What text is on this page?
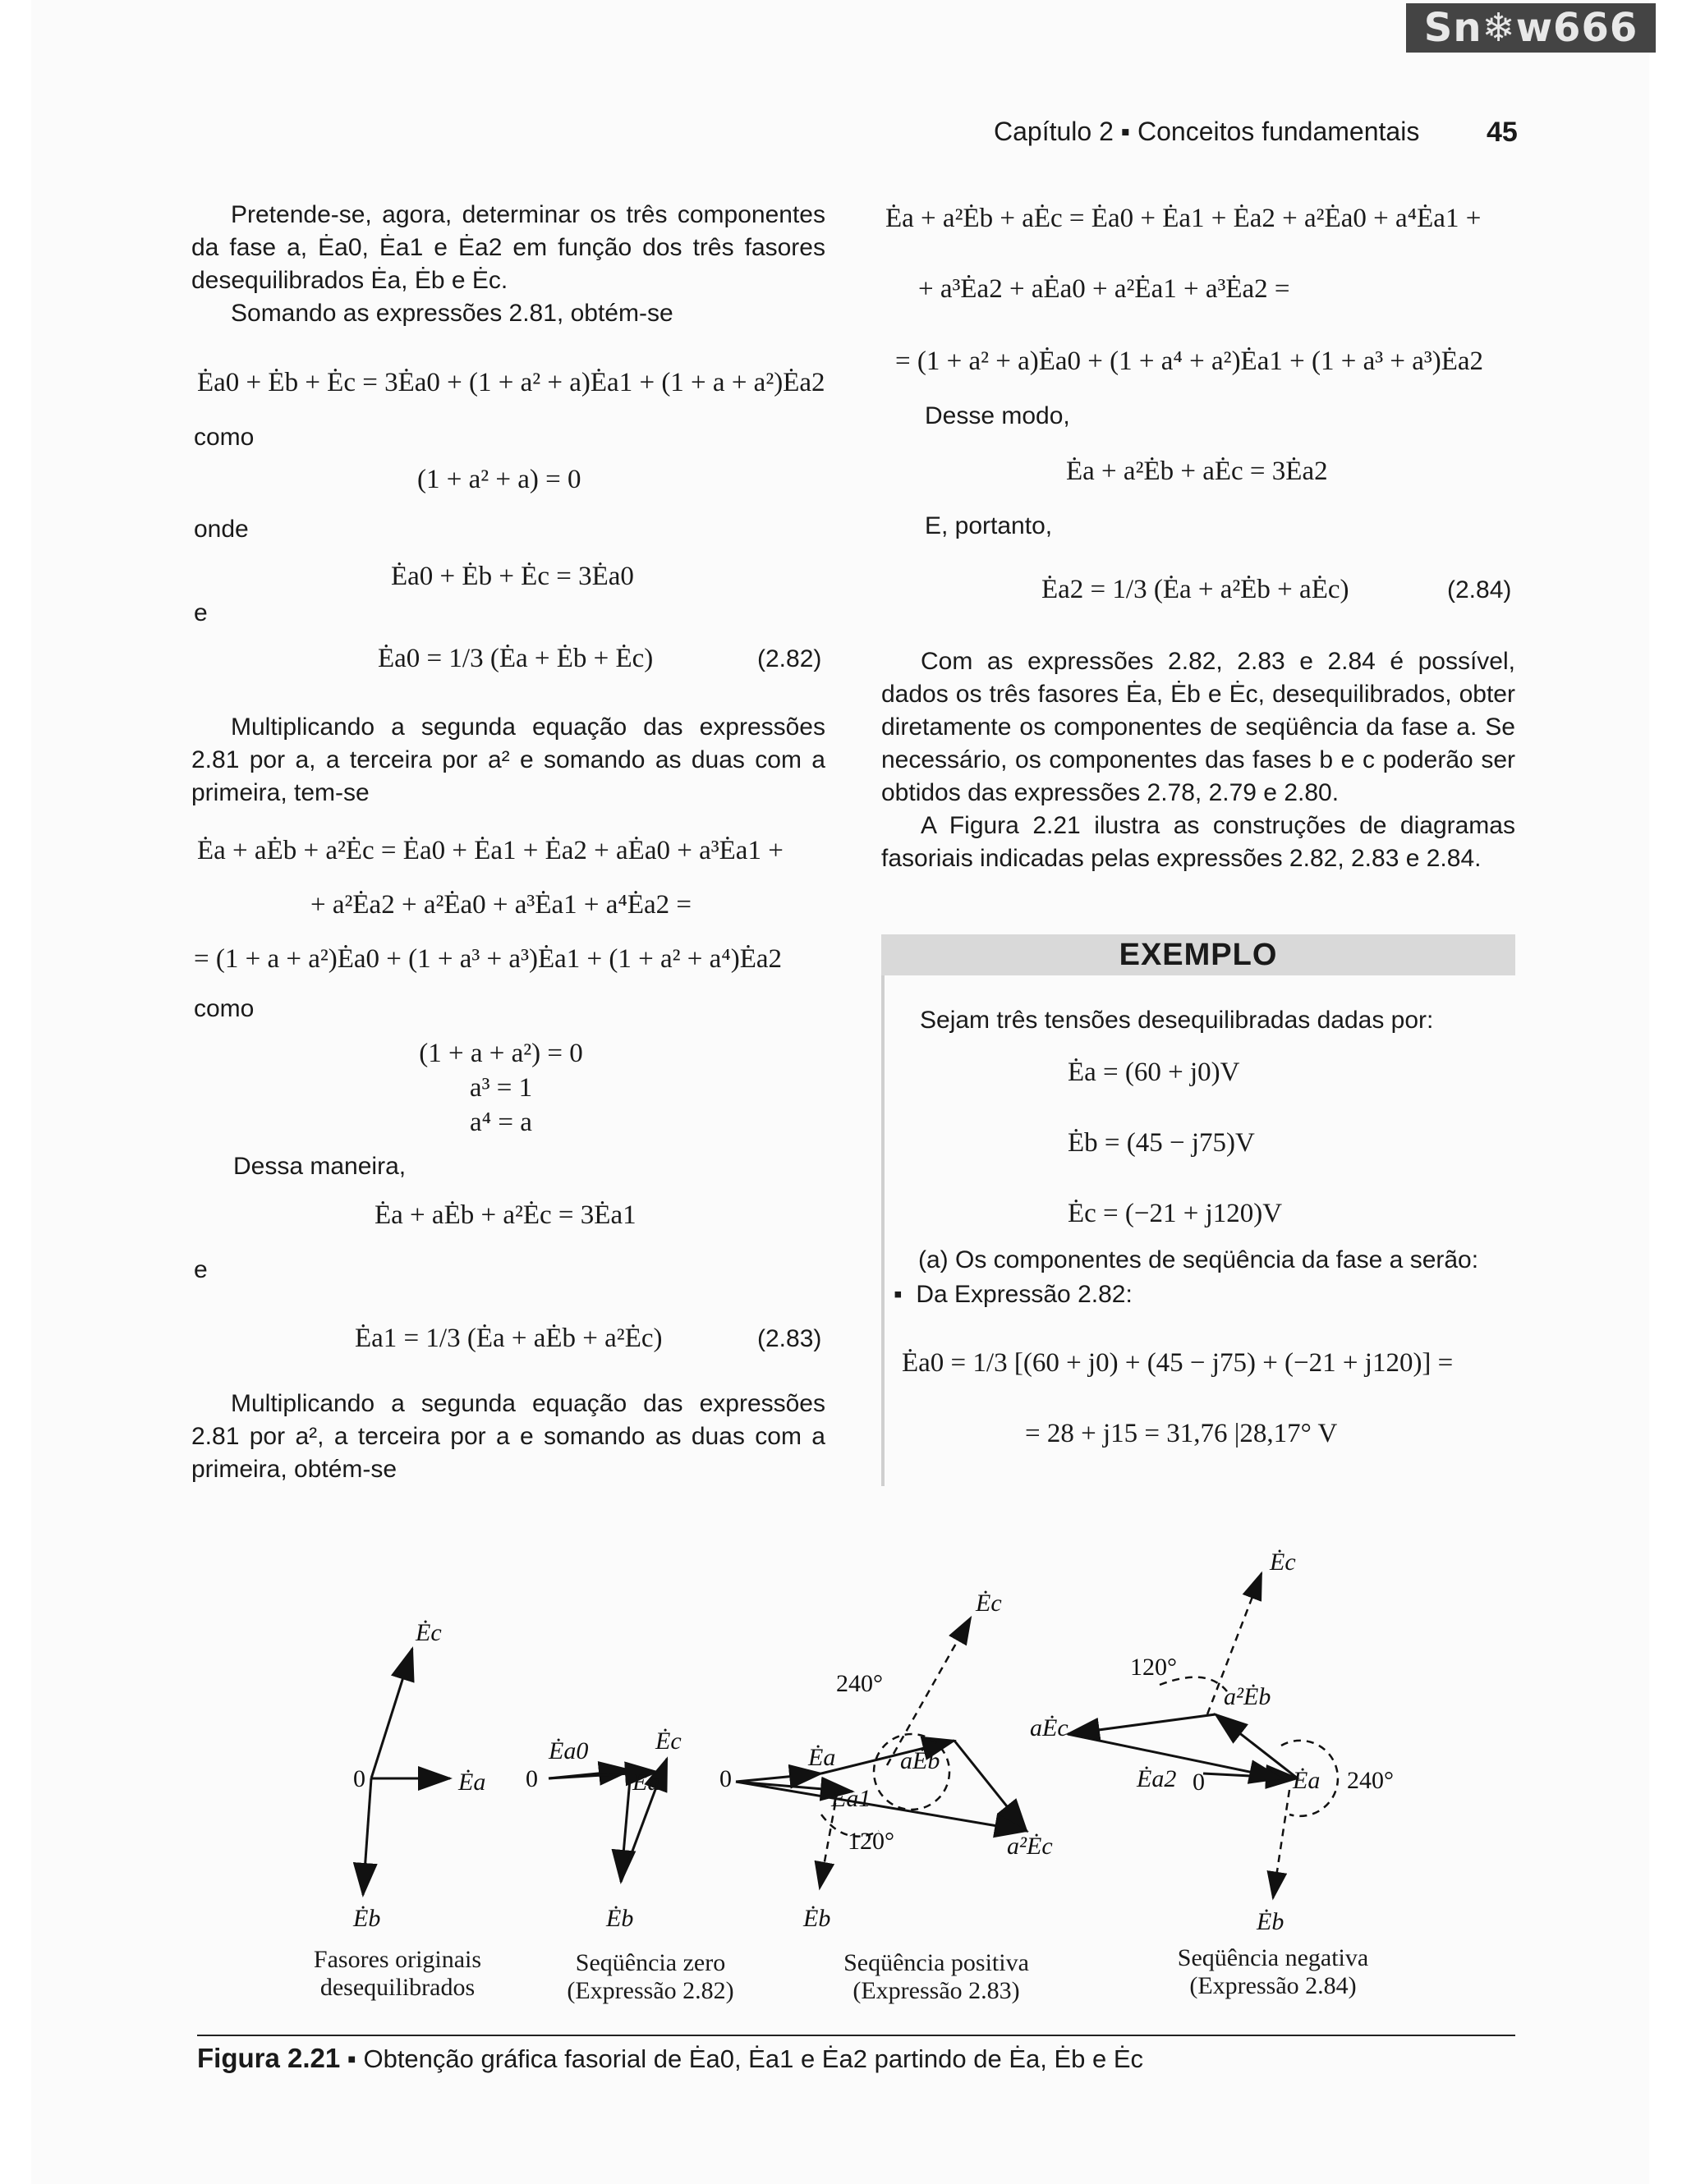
Sn❄w666
Capítulo 2 ▪ Conceitos fundamentais 45

Pretende-se, agora, determinar os três componentes da fase a, Ėa0, Ėa1 e Ėa2 em função dos três fasores desequilibrados Ėa, Ėb e Ėc.

Somando as expressões 2.81, obtém-se

Ėa0 + Ėb + Ėc = 3Ėa0 + (1 + a² + a)Ėa1 + (1 + a + a²)Ėa2
como
(1 + a² + a) = 0
onde
Ėa0 + Ėb + Ėc = 3Ėa0
e
Ėa0 = 1/3 (Ėa + Ėb + Ėc)	(2.82)

Multiplicando a segunda equação das expressões 2.81 por a, a terceira por a² e somando as duas com a primeira, tem-se

Ėa + aĖb + a²Ėc = Ėa0 + Ėa1 + Ėa2 + aĖa0 + a³Ėa1 +
+ a²Ėa2 + a²Ėa0 + a³Ėa1 + a⁴Ėa2 =
= (1 + a + a²)Ėa0 + (1 + a³ + a³)Ėa1 + (1 + a² + a⁴)Ėa2
como
(1 + a + a²) = 0
a³ = 1
a⁴ = a
Dessa maneira,
Ėa + aĖb + a²Ėc = 3Ėa1
e
Ėa1 = 1/3 (Ėa + aĖb + a²Ėc)	(2.83)

Multiplicando a segunda equação das expressões 2.81 por a², a terceira por a e somando as duas com a primeira, obtém-se

Ėa + a²Ėb + aĖc = Ėa0 + Ėa1 + Ėa2 + a²Ėa0 + a⁴Ėa1 +
+ a³Ėa2 + aĖa0 + a²Ėa1 + a³Ėa2 =
= (1 + a² + a)Ėa0 + (1 + a⁴ + a²)Ėa1 + (1 + a³ + a³)Ėa2
Desse modo,
Ėa + a²Ėb + aĖc = 3Ėa2
E, portanto,
Ėa2 = 1/3 (Ėa + a²Ėb + aĖc)	(2.84)

Com as expressões 2.82, 2.83 e 2.84 é possível, dados os três fasores Ėa, Ėb e Ėc, desequilibrados, obter diretamente os componentes de seqüência da fase a. Se necessário, os componentes das fases b e c poderão ser obtidos das expressões 2.78, 2.79 e 2.80.

A Figura 2.21 ilustra as construções de diagramas fasoriais indicadas pelas expressões 2.82, 2.83 e 2.84.

EXEMPLO
Sejam três tensões desequilibradas dadas por:
Ėa = (60 + j0)V
Ėb = (45 − j75)V
Ėc = (−21 + j120)V
(a) Os componentes de seqüência da fase a serão:
▪  Da Expressão 2.82:
Ėa0 = 1/3 [(60 + j0) + (45 − j75) + (−21 + j120)] =
= 28 + j15 = 31,76 |28,17° V
0	Ėa
Ėb
Ėc
0
Ėa0
Ėa
Ėc
Ėb
0
Ėa
Ėa1
aĖb
a²Ėc
Ėc
Ėb
240°
120°
Ėc
120°
a²Ėb
aĖc
Ėa2 0	Ėa 240°
Ėb
Fasores originais
desequilibrados
Seqüência zero
(Expressão 2.82)
Seqüência positiva
(Expressão 2.83)
Seqüência negativa
(Expressão 2.84)
Figura 2.21 ▪ Obtenção gráfica fasorial de Ėa0, Ėa1 e Ėa2 partindo de Ėa, Ėb e Ėc
